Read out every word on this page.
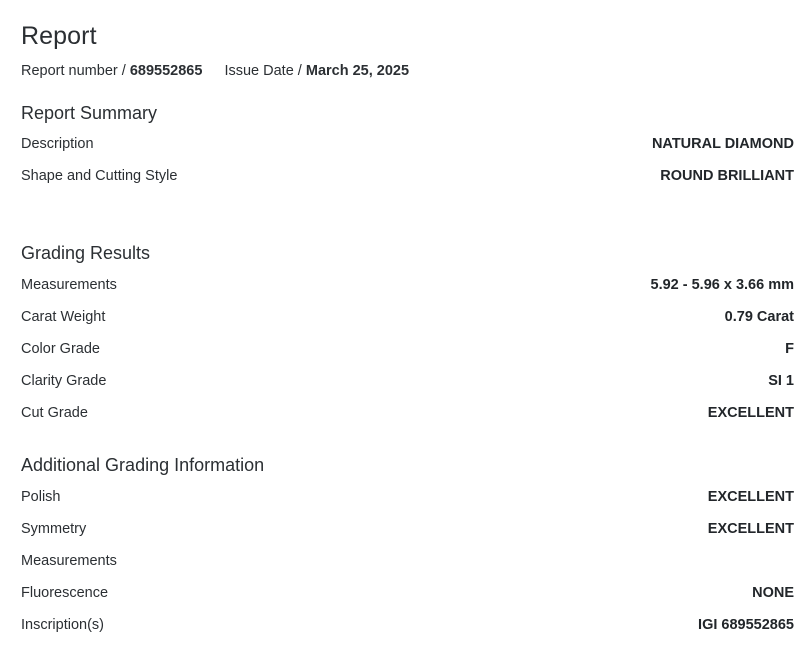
Report
Report number / 689552865 Issue Date / March 25, 2025
Report Summary
Description	NATURAL DIAMOND
Shape and Cutting Style	ROUND BRILLIANT
Grading Results
Measurements	5.92 - 5.96 x 3.66 mm
Carat Weight	0.79 Carat
Color Grade	F
Clarity Grade	SI 1
Cut Grade	EXCELLENT
Additional Grading Information
Polish	EXCELLENT
Symmetry	EXCELLENT
Measurements
Fluorescence	NONE
Inscription(s)	IGI 689552865
